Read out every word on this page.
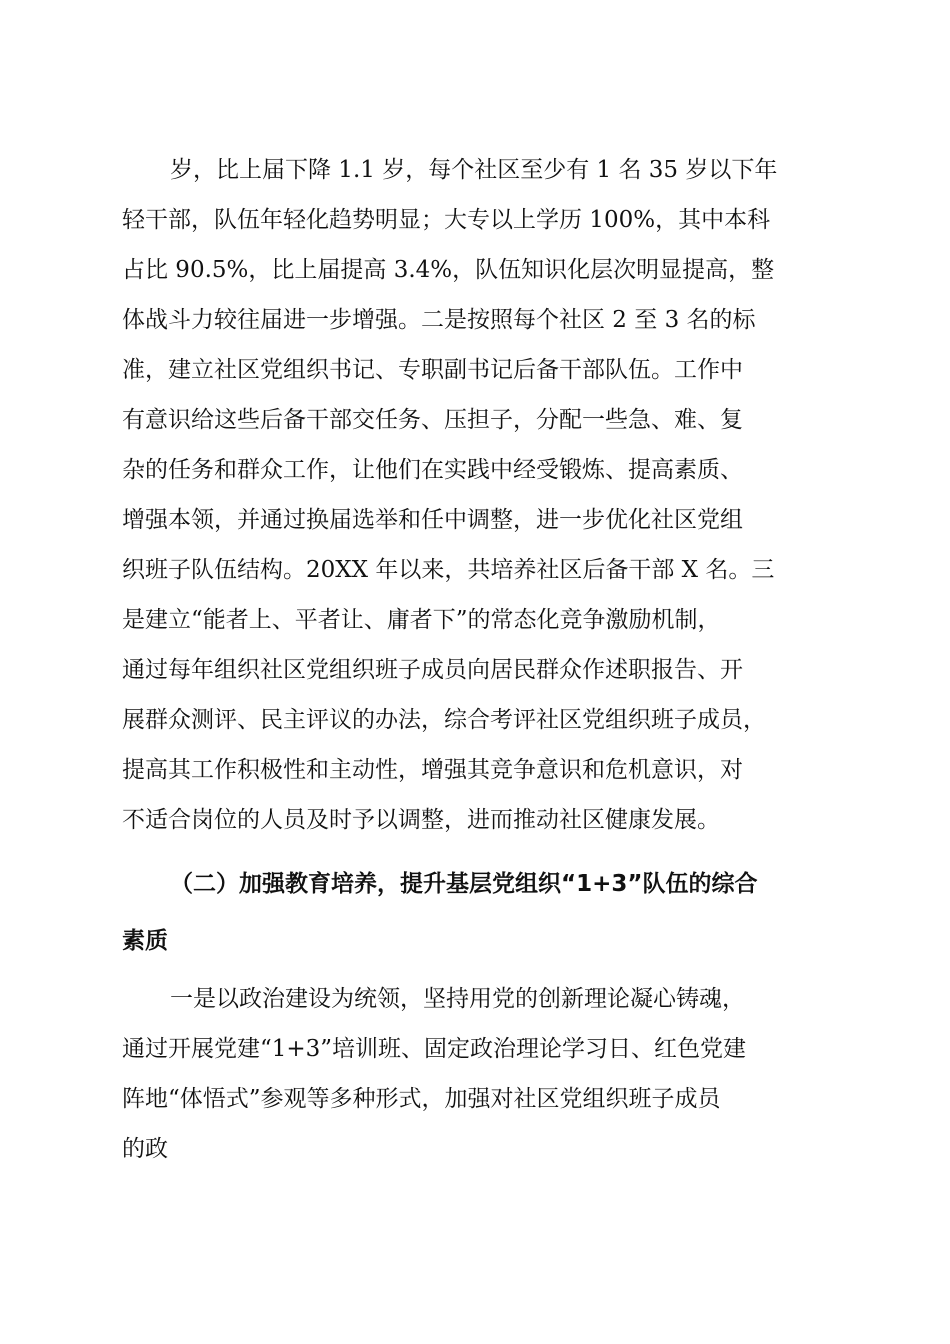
岁，比上届下降 1.1 岁，每个社区至少有 1 名 35 岁以下年
轻干部，队伍年轻化趋势明显；大专以上学历 100%，其中本科
占比 90.5%，比上届提高 3.4%，队伍知识化层次明显提高，整
体战斗力较往届进一步增强。二是按照每个社区 2 至 3 名的标
准，建立社区党组织书记、专职副书记后备干部队伍。工作中
有意识给这些后备干部交任务、压担子，分配一些急、难、复
杂的任务和群众工作，让他们在实践中经受锻炼、提高素质、
增强本领，并通过换届选举和任中调整，进一步优化社区党组
织班子队伍结构。20XX 年以来，共培养社区后备干部 X 名。三
是建立“能者上、平者让、庸者下”的常态化竞争激励机制，
通过每年组织社区党组织班子成员向居民群众作述职报告、开
展群众测评、民主评议的办法，综合考评社区党组织班子成员，
提高其工作积极性和主动性，增强其竞争意识和危机意识，对
不适合岗位的人员及时予以调整，进而推动社区健康发展。
（二）加强教育培养，提升基层党组织“1+3”队伍的综合
素质
一是以政治建设为统领，坚持用党的创新理论凝心铸魂，
通过开展党建“1+3”培训班、固定政治理论学习日、红色党建
阵地“体悟式”参观等多种形式，加强对社区党组织班子成员
的政
